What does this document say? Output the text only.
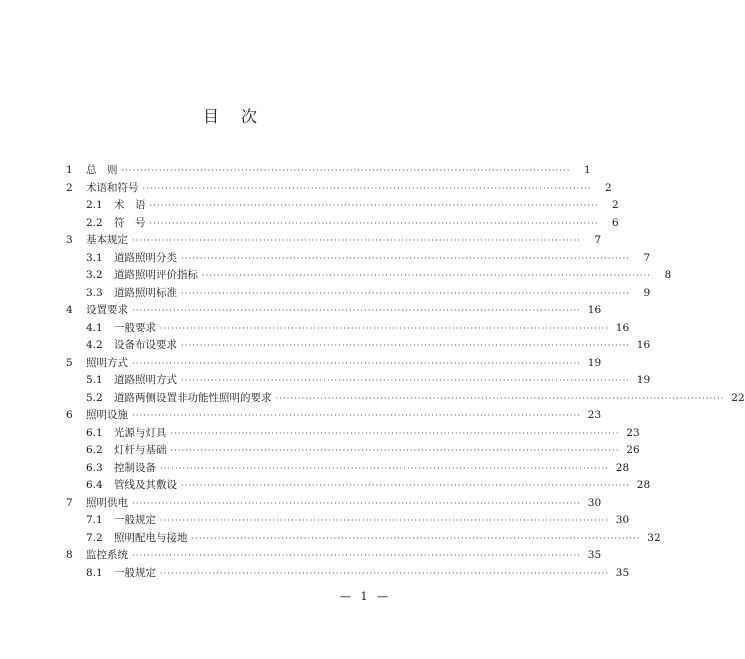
目 次
1	总　则 ························································································································	1
2	术语和符号 ························································································································	2
2.1	术　语 ························································································································	2
2.2	符　号 ························································································································	6
3	基本规定 ························································································································	7
3.1	道路照明分类 ························································································································	7
3.2	道路照明评价指标 ························································································································	8
3.3	道路照明标准 ························································································································	9
4	设置要求 ························································································································ 16
4.1	一般要求 ························································································································ 16
4.2	设备布设要求 ························································································································ 16
5	照明方式 ························································································································ 19
5.1	道路照明方式 ························································································································ 19
5.2	道路两侧设置非功能性照明的要求 ························································································································ 22
6	照明设施 ························································································································ 23
6.1	光源与灯具 ························································································································ 23
6.2	灯杆与基础 ························································································································ 26
6.3	控制设备 ························································································································ 28
6.4	管线及其敷设 ························································································································ 28
7	照明供电 ························································································································ 30
7.1	一般规定 ························································································································ 30
7.2	照明配电与接地 ························································································································ 32
8	监控系统 ························································································································ 35
8.1	一般规定 ························································································································ 35
— 1 —
